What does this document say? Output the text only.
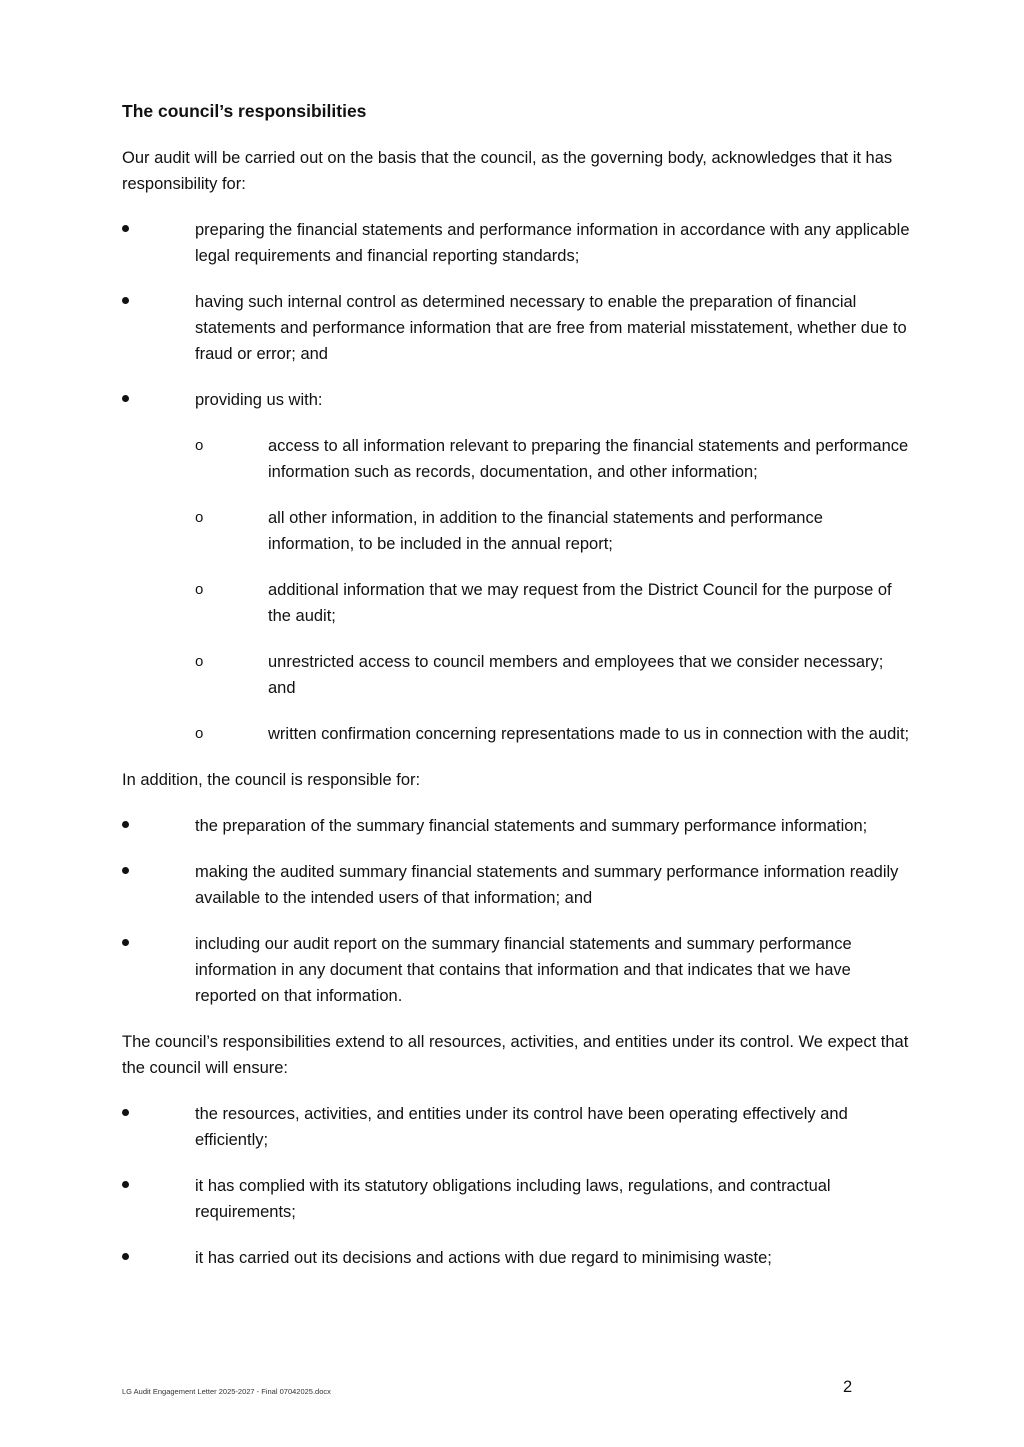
The council’s responsibilities
Our audit will be carried out on the basis that the council, as the governing body, acknowledges that it has responsibility for:
preparing the financial statements and performance information in accordance with any applicable legal requirements and financial reporting standards;
having such internal control as determined necessary to enable the preparation of financial statements and performance information that are free from material misstatement, whether due to fraud or error; and
providing us with:
o	access to all information relevant to preparing the financial statements and performance information such as records, documentation, and other information;
o	all other information, in addition to the financial statements and performance information, to be included in the annual report;
o	additional information that we may request from the District Council for the purpose of the audit;
o	unrestricted access to council members and employees that we consider necessary; and
o	written confirmation concerning representations made to us in connection with the audit;
In addition, the council is responsible for:
the preparation of the summary financial statements and summary performance information;
making the audited summary financial statements and summary performance information readily available to the intended users of that information; and
including our audit report on the summary financial statements and summary performance information in any document that contains that information and that indicates that we have reported on that information.
The council’s responsibilities extend to all resources, activities, and entities under its control. We expect that the council will ensure:
the resources, activities, and entities under its control have been operating effectively and efficiently;
it has complied with its statutory obligations including laws, regulations, and contractual requirements;
it has carried out its decisions and actions with due regard to minimising waste;
LG Audit Engagement Letter 2025-2027 - Final 07042025.docx	2
